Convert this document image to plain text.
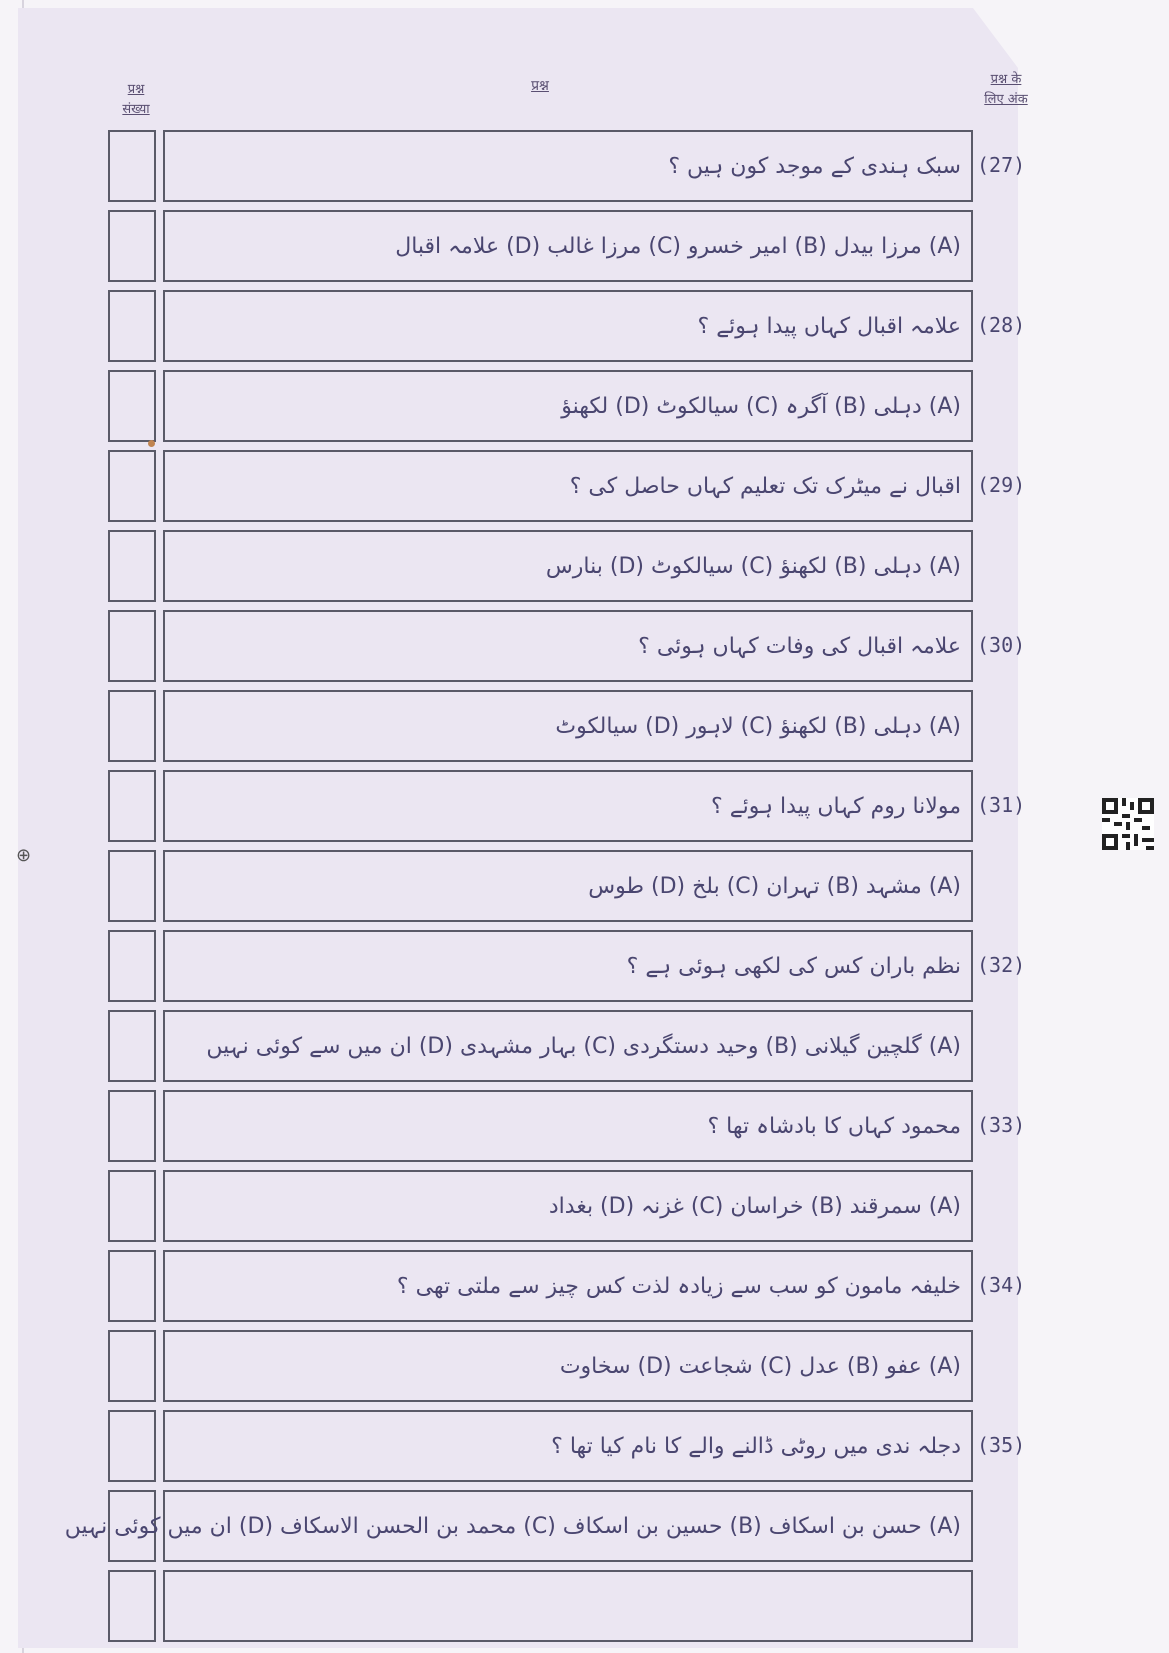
प्रश्न
संख्या
प्रश्न	प्रश्न के
लिए अंक
سبک ہندی کے موجد کون ہیں ؟ (27)
(A) مرزا بیدل (B) امیر خسرو (C) مرزا غالب (D) علامہ اقبال
علامہ اقبال کہاں پیدا ہوئے ؟ (28)
(A) دہلی (B) آگرہ (C) سیالکوٹ (D) لکھنؤ
اقبال نے میٹرک تک تعلیم کہاں حاصل کی ؟ (29)
(A) دہلی (B) لکھنؤ (C) سیالکوٹ (D) بنارس
علامہ اقبال کی وفات کہاں ہوئی ؟ (30)
(A) دہلی (B) لکھنؤ (C) لاہور (D) سیالکوٹ
مولانا روم کہاں پیدا ہوئے ؟ (31)
(A) مشہد (B) تہران (C) بلخ (D) طوس
نظم باران کس کی لکھی ہوئی ہے ؟ (32)
(A) گلچین گیلانی (B) وحید دستگردی (C) بہار مشہدی (D) ان میں سے کوئی نہیں
محمود کہاں کا بادشاہ تھا ؟ (33)
(A) سمرقند (B) خراسان (C) غزنہ (D) بغداد
خلیفہ مامون کو سب سے زیادہ لذت کس چیز سے ملتی تھی ؟ (34)
(A) عفو (B) عدل (C) شجاعت (D) سخاوت
دجلہ ندی میں روٹی ڈالنے والے کا نام کیا تھا ؟ (35)
(A) حسن بن اسکاف (B) حسین بن اسکاف (C) محمد بن الحسن الاسکاف (D) ان میں کوئی نہیں
⊕
